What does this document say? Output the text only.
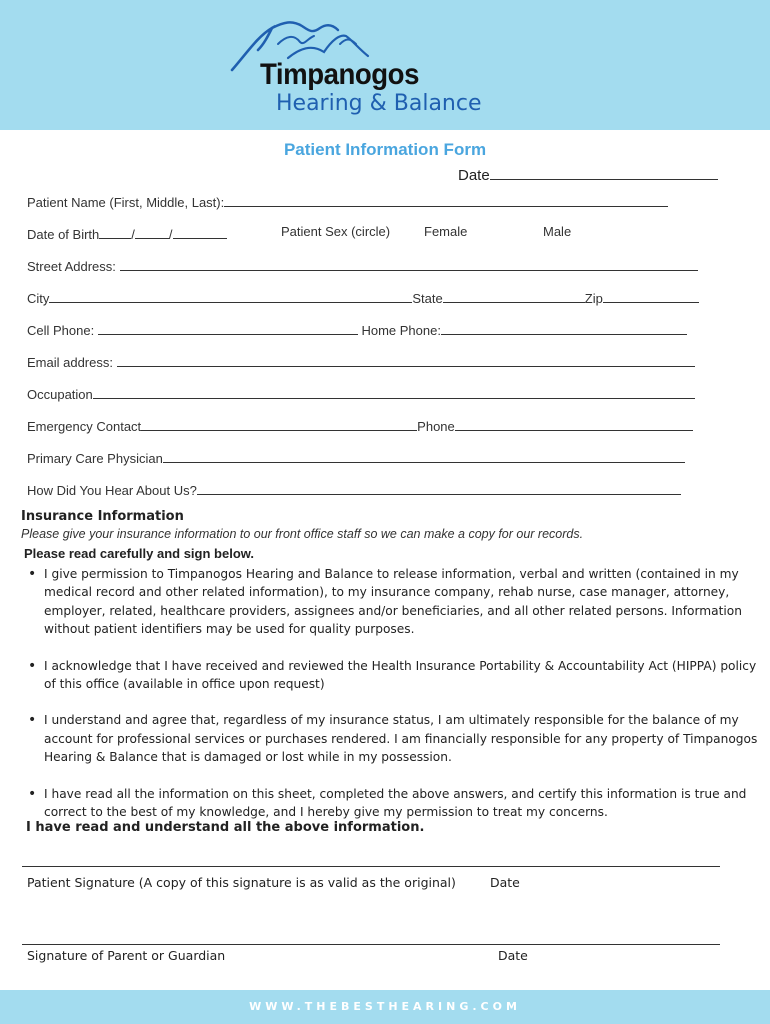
Timpanogos
Hearing & Balance
Patient Information Form
Date
Patient Name (First, Middle, Last):
Date of Birth /	/	Patient Sex (circle)	Female	Male
Street Address:
City	State	Zip
Cell Phone:	Home Phone:
Email address:
Occupation
Emergency Contact	Phone
Primary Care Physician
How Did You Hear About Us?
Insurance Information
Please give your insurance information to our front office staff so we can make a copy for our records.
Please read carefully and sign below.
• I give permission to Timpanogos Hearing and Balance to release information, verbal and written (contained in my medical record and other related information), to my insurance company, rehab nurse, case manager, attorney, employer, related, healthcare providers, assignees and/or beneficiaries, and all other related persons. Information without patient identifiers may be used for quality purposes.
• I acknowledge that I have received and reviewed the Health Insurance Portability & Accountability Act (HIPPA) policy of this office (available in office upon request)
• I understand and agree that, regardless of my insurance status, I am ultimately responsible for the balance of my account for professional services or purchases rendered. I am financially responsible for any property of Timpanogos Hearing & Balance that is damaged or lost while in my possession.
• I have read all the information on this sheet, completed the above answers, and certify this information is true and correct to the best of my knowledge, and I hereby give my permission to treat my concerns.
I have read and understand all the above information.
Patient Signature (A copy of this signature is as valid as the original)	Date
Signature of Parent or Guardian	Date
WWW.THEBESTHEARING.COM
